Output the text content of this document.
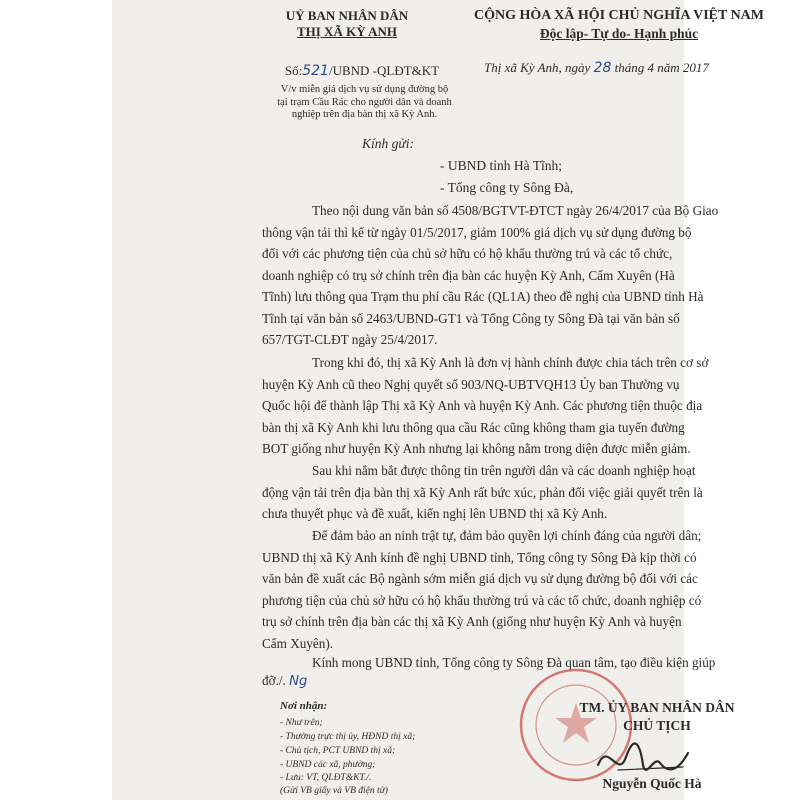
UỶ BAN NHÂN DÂN
THỊ XÃ KỲ ANH
CỘNG HÒA XÃ HỘI CHỦ NGHĨA VIỆT NAM
Độc lập- Tự do- Hạnh phúc
Số:521/UBND -QLĐT&KT	Thị xã Kỳ Anh, ngày 28 tháng 4 năm 2017
V/v miễn giá dịch vụ sử dụng đường bộ
tại trạm Cầu Rác cho người dân và doanh
nghiệp trên địa bàn thị xã Kỳ Anh.
Kính gửi:
- UBND tỉnh Hà Tĩnh;
- Tổng công ty Sông Đà,
Theo nội dung văn bản số 4508/BGTVT-ĐTCT ngày 26/4/2017 của Bộ Giao
thông vận tải thì kể từ ngày 01/5/2017, giảm 100% giá dịch vụ sử dụng đường bộ
đối với các phương tiện của chủ sở hữu có hộ khẩu thường trú và các tổ chức,
doanh nghiệp có trụ sở chính trên địa bàn các huyện Kỳ Anh, Cẩm Xuyên (Hà
Tĩnh) lưu thông qua Trạm thu phí cầu Rác (QL1A) theo đề nghị của UBND tỉnh Hà
Tĩnh tại văn bản số 2463/UBND-GT1 và Tổng Công ty Sông Đà tại văn bản số
657/TGT-CLĐT ngày 25/4/2017.
Trong khi đó, thị xã Kỳ Anh là đơn vị hành chính được chia tách trên cơ sở
huyện Kỳ Anh cũ theo Nghị quyết số 903/NQ-UBTVQH13 Ủy ban Thường vụ
Quốc hội để thành lập Thị xã Kỳ Anh và huyện Kỳ Anh. Các phương tiện thuộc địa
bàn thị xã Kỳ Anh khi lưu thông qua cầu Rác cũng không tham gia tuyến đường
BOT giống như huyện Kỳ Anh nhưng lại không nằm trong diện được miễn giảm.
Sau khi nắm bắt được thông tin trên người dân và các doanh nghiệp hoạt
động vận tải trên địa bàn thị xã Kỳ Anh rất bức xúc, phản đối việc giải quyết trên là
chưa thuyết phục và đề xuất, kiến nghị lên UBND thị xã Kỳ Anh.
Để đảm bảo an ninh trật tự, đảm bảo quyền lợi chính đáng của người dân;
UBND thị xã Kỳ Anh kính đề nghị UBND tỉnh, Tổng công ty Sông Đà kịp thời có
văn bản đề xuất các Bộ ngành sớm miễn giá dịch vụ sử dụng đường bộ đối với các
phương tiện của chủ sở hữu có hộ khẩu thường trú và các tổ chức, doanh nghiệp có
trụ sở chính trên địa bàn các thị xã Kỳ Anh (giống như huyện Kỳ Anh và huyện
Cẩm Xuyên).
Kính mong UBND tỉnh, Tổng công ty Sông Đà quan tâm, tạo điều kiện giúp
đỡ./. Ng
Nơi nhận:
- Như trên;
- Thường trực thị ủy, HĐND thị xã;
- Chủ tịch, PCT UBND thị xã;
- UBND các xã, phường;
- Lưu: VT, QLĐT&KT./.
(Gửi VB giấy và VB điện tử)
TM. ỦY BAN NHÂN DÂN
CHỦ TỊCH
Nguyễn Quốc Hà
